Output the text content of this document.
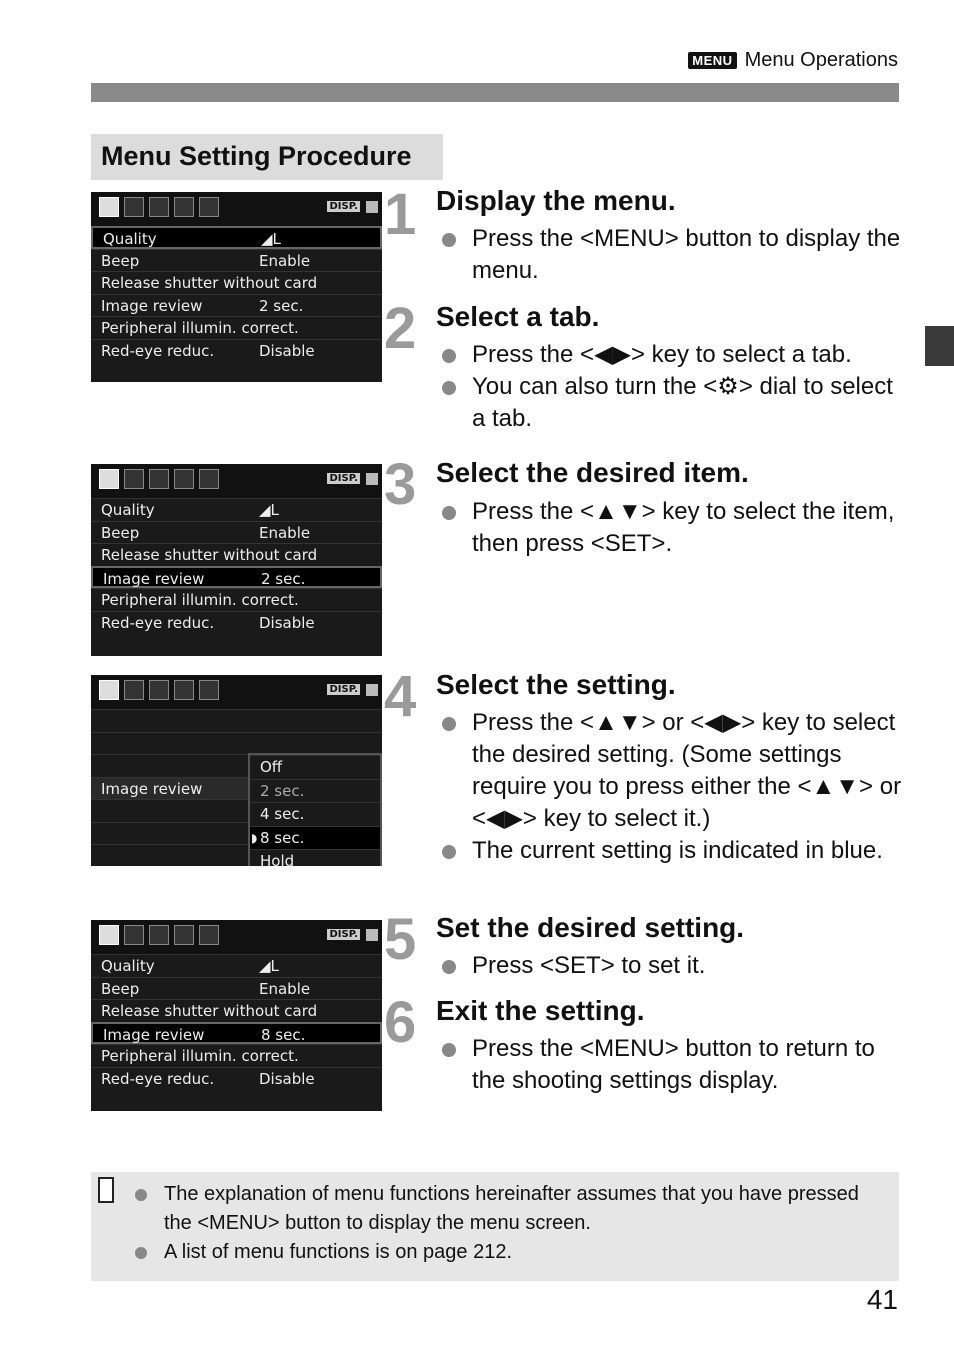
MENU Menu Operations
Menu Setting Procedure
DISP.
Quality	◢L
Beep	Enable
Release shutter without card
Image review	2 sec.
Peripheral illumin. correct.
Red-eye reduc.	Disable
DISP.
Quality	◢L
Beep	Enable
Release shutter without card
Image review	2 sec.
Peripheral illumin. correct.
Red-eye reduc.	Disable
DISP.
Image review
Off
2 sec.
4 sec.
◗ 8 sec.
Hold
DISP.
Quality	◢L
Beep	Enable
Release shutter without card
Image review	8 sec.
Peripheral illumin. correct.
Red-eye reduc.	Disable
1 Display the menu.
Press the <MENU> button to display the menu.
2 Select a tab.
Press the <◀▶> key to select a tab.
You can also turn the <⚙> dial to select a tab.
3 Select the desired item.
Press the <▲▼> key to select the item, then press <SET>.
4 Select the setting.
Press the <▲▼> or <◀▶> key to select the desired setting. (Some settings require you to press either the <▲▼> or <◀▶> key to select it.)
The current setting is indicated in blue.
5 Set the desired setting.
Press <SET> to set it.
6 Exit the setting.
Press the <MENU> button to return to the shooting settings display.
The explanation of menu functions hereinafter assumes that you have pressed the <MENU> button to display the menu screen.
A list of menu functions is on page 212.
41
